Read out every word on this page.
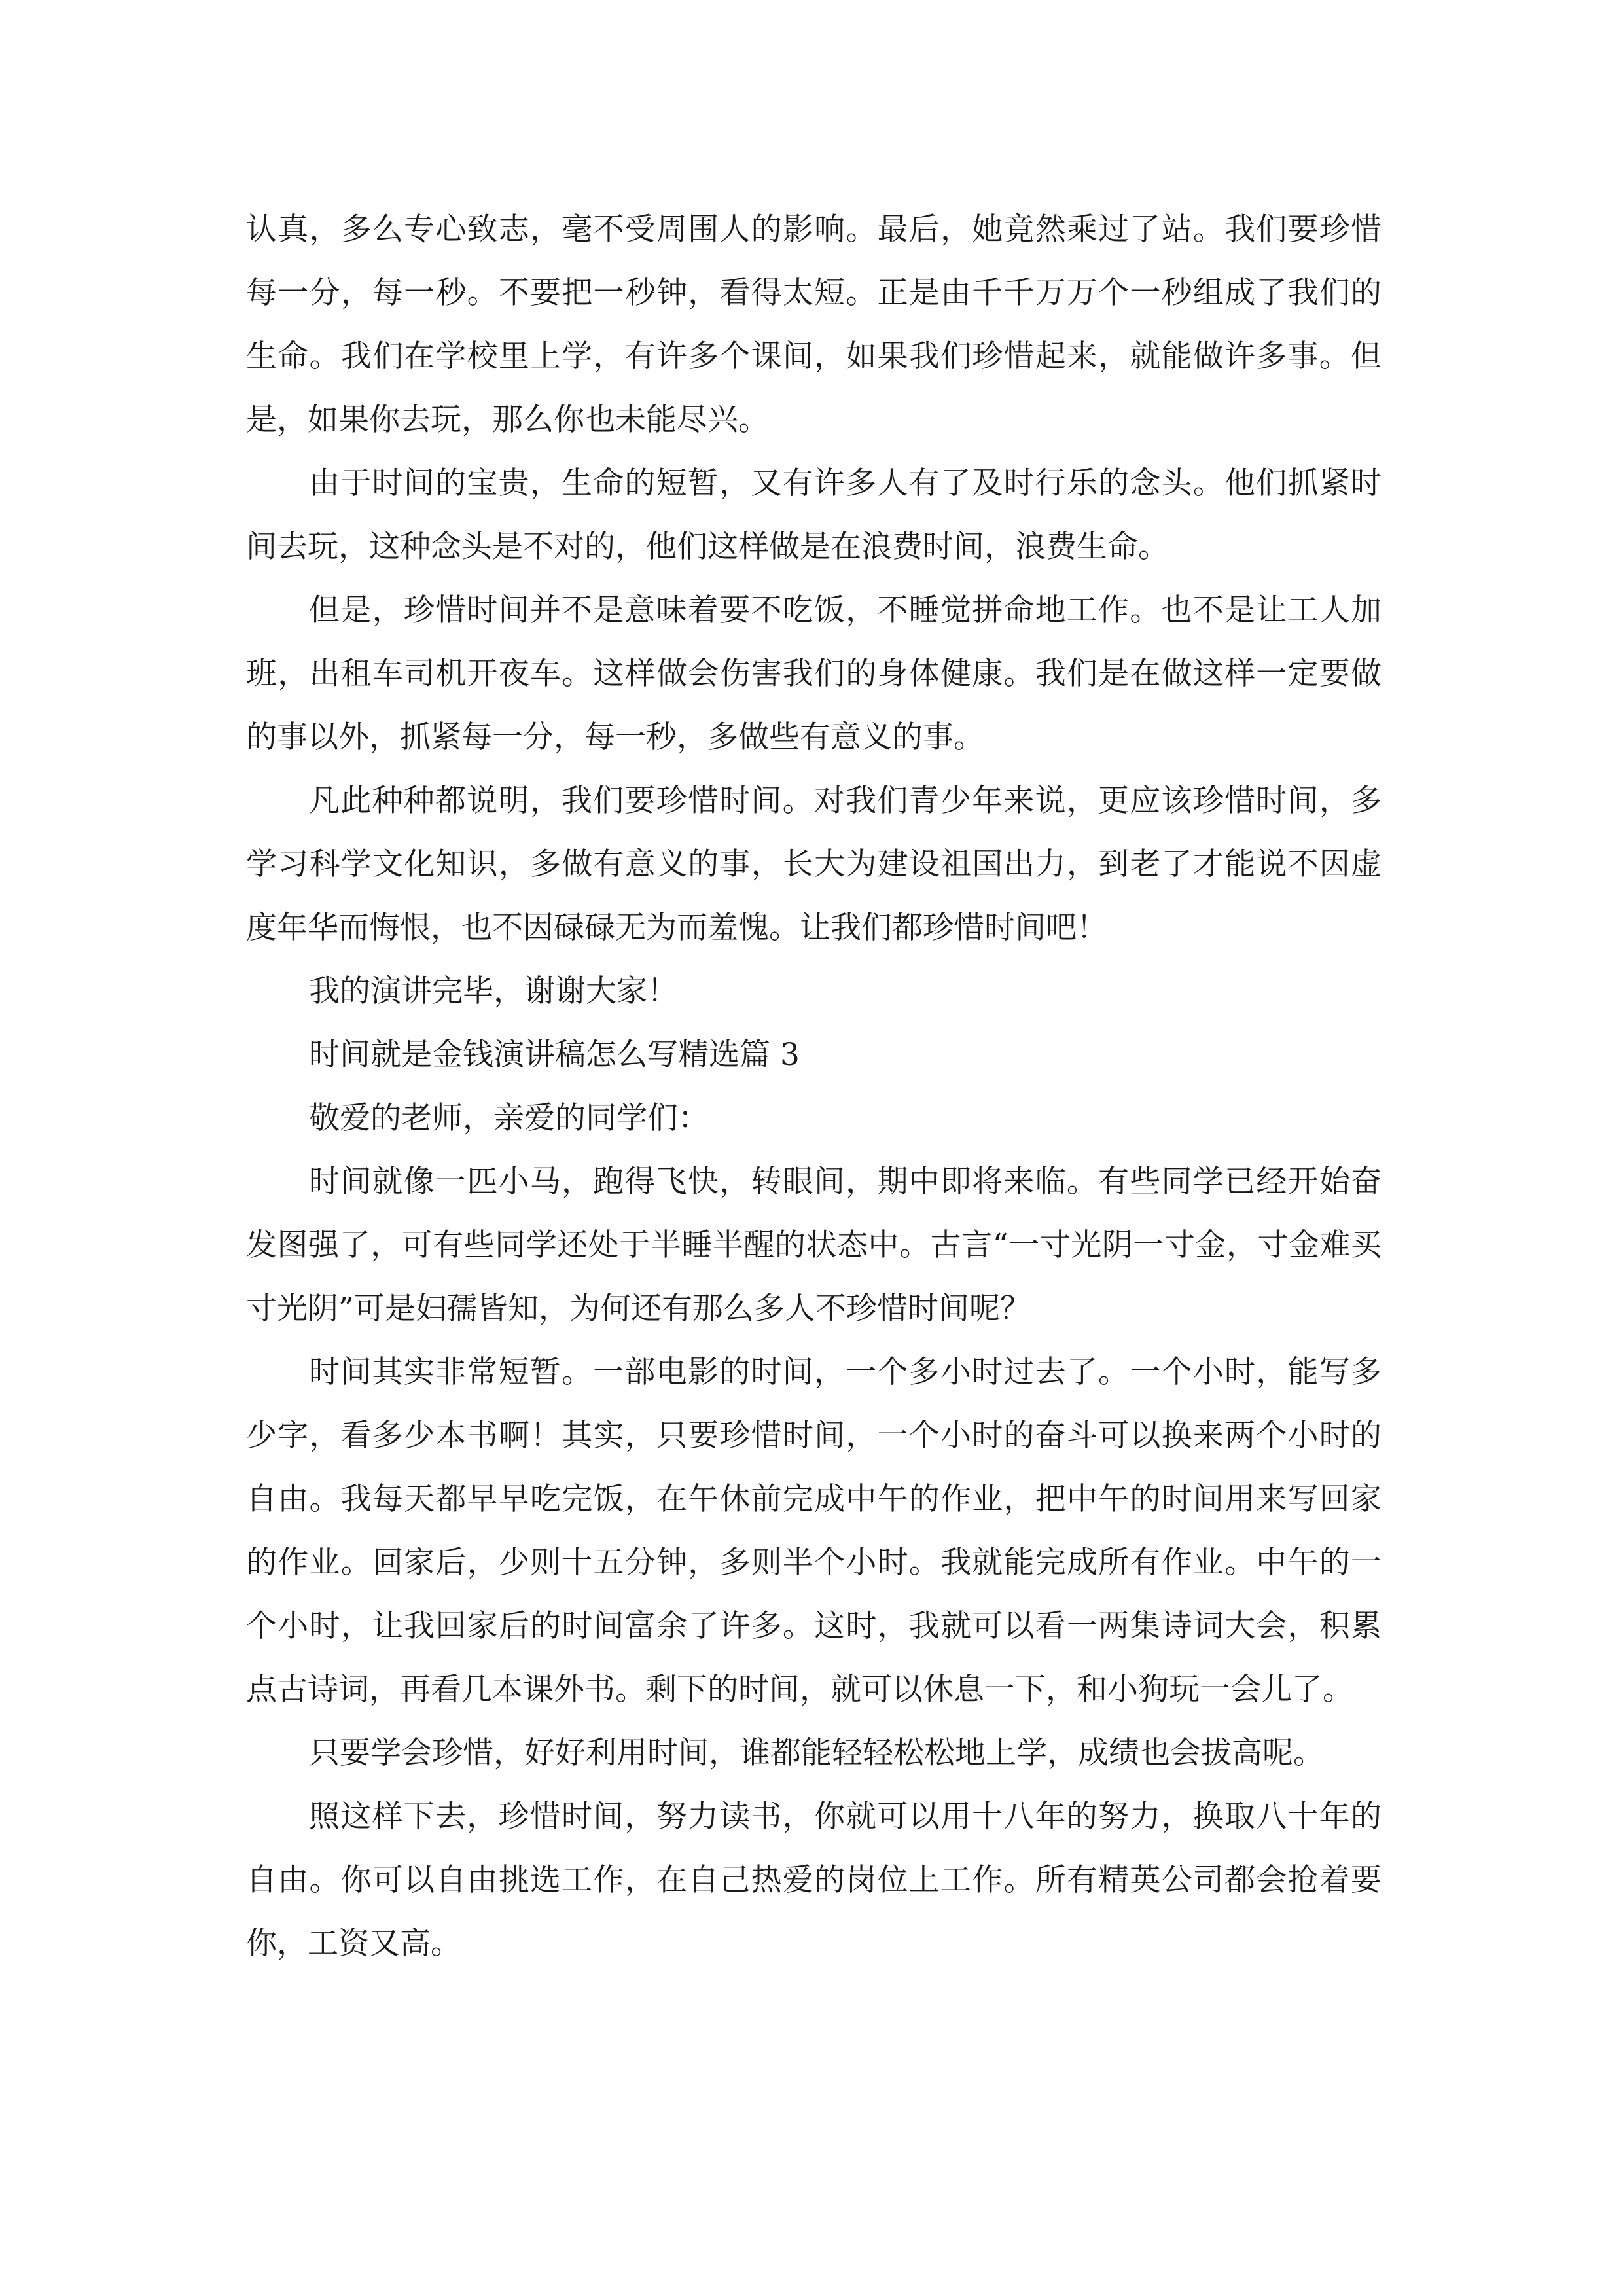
认真，多么专心致志，毫不受周围人的影响。最后，她竟然乘过了站。我们要珍惜每一分，每一秒。不要把一秒钟，看得太短。正是由千千万万个一秒组成了我们的生命。我们在学校里上学，有许多个课间，如果我们珍惜起来，就能做许多事。但是，如果你去玩，那么你也未能尽兴。

由于时间的宝贵，生命的短暂，又有许多人有了及时行乐的念头。他们抓紧时间去玩，这种念头是不对的，他们这样做是在浪费时间，浪费生命。

但是，珍惜时间并不是意味着要不吃饭，不睡觉拼命地工作。也不是让工人加班，出租车司机开夜车。这样做会伤害我们的身体健康。我们是在做这样一定要做的事以外，抓紧每一分，每一秒，多做些有意义的事。

凡此种种都说明，我们要珍惜时间。对我们青少年来说，更应该珍惜时间，多学习科学文化知识，多做有意义的事，长大为建设祖国出力，到老了才能说不因虚度年华而悔恨，也不因碌碌无为而羞愧。让我们都珍惜时间吧！

我的演讲完毕，谢谢大家！

时间就是金钱演讲稿怎么写精选篇 3

敬爱的老师，亲爱的同学们：

时间就像一匹小马，跑得飞快，转眼间，期中即将来临。有些同学已经开始奋发图强了，可有些同学还处于半睡半醒的状态中。古言“一寸光阴一寸金，寸金难买寸光阴”可是妇孺皆知，为何还有那么多人不珍惜时间呢？

时间其实非常短暂。一部电影的时间，一个多小时过去了。一个小时，能写多少字，看多少本书啊！其实，只要珍惜时间，一个小时的奋斗可以换来两个小时的自由。我每天都早早吃完饭，在午休前完成中午的作业，把中午的时间用来写回家的作业。回家后，少则十五分钟，多则半个小时。我就能完成所有作业。中午的一个小时，让我回家后的时间富余了许多。这时，我就可以看一两集诗词大会，积累点古诗词，再看几本课外书。剩下的时间，就可以休息一下，和小狗玩一会儿了。

只要学会珍惜，好好利用时间，谁都能轻轻松松地上学，成绩也会拔高呢。

照这样下去，珍惜时间，努力读书，你就可以用十八年的努力，换取八十年的自由。你可以自由挑选工作，在自己热爱的岗位上工作。所有精英公司都会抢着要你，工资又高。
